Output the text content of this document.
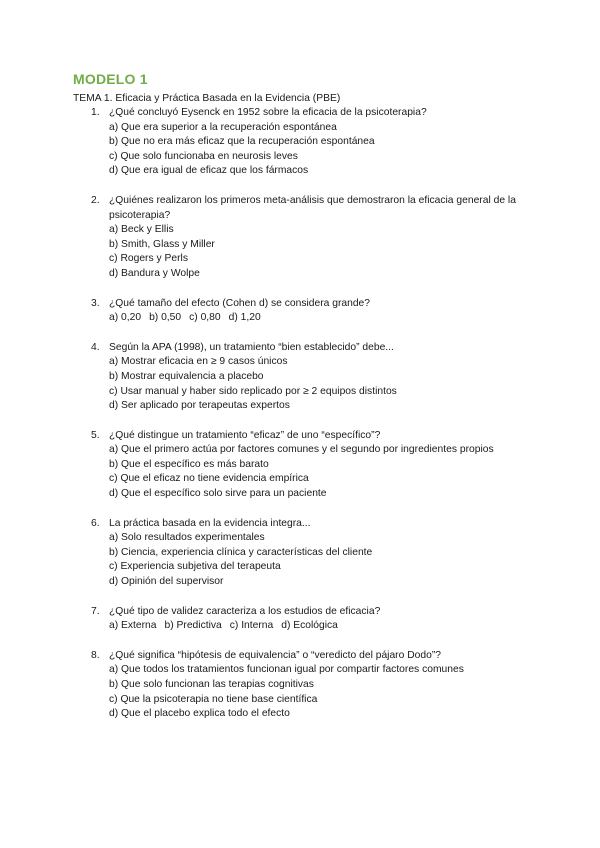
MODELO 1
TEMA 1. Eficacia y Práctica Basada en la Evidencia (PBE)
1. ¿Qué concluyó Eysenck en 1952 sobre la eficacia de la psicoterapia?
a) Que era superior a la recuperación espontánea
b) Que no era más eficaz que la recuperación espontánea
c) Que solo funcionaba en neurosis leves
d) Que era igual de eficaz que los fármacos
2. ¿Quiénes realizaron los primeros meta-análisis que demostraron la eficacia general de la psicoterapia?
a) Beck y Ellis
b) Smith, Glass y Miller
c) Rogers y Perls
d) Bandura y Wolpe
3. ¿Qué tamaño del efecto (Cohen d) se considera grande?
a) 0,20 b) 0,50 c) 0,80 d) 1,20
4. Según la APA (1998), un tratamiento “bien establecido” debe...
a) Mostrar eficacia en ≥ 9 casos únicos
b) Mostrar equivalencia a placebo
c) Usar manual y haber sido replicado por ≥ 2 equipos distintos
d) Ser aplicado por terapeutas expertos
5. ¿Qué distingue un tratamiento “eficaz” de uno “específico”?
a) Que el primero actúa por factores comunes y el segundo por ingredientes propios
b) Que el específico es más barato
c) Que el eficaz no tiene evidencia empírica
d) Que el específico solo sirve para un paciente
6. La práctica basada en la evidencia integra...
a) Solo resultados experimentales
b) Ciencia, experiencia clínica y características del cliente
c) Experiencia subjetiva del terapeuta
d) Opinión del supervisor
7. ¿Qué tipo de validez caracteriza a los estudios de eficacia?
a) Externa b) Predictiva c) Interna d) Ecológica
8. ¿Qué significa “hipótesis de equivalencia” o “veredicto del pájaro Dodo”?
a) Que todos los tratamientos funcionan igual por compartir factores comunes
b) Que solo funcionan las terapias cognitivas
c) Que la psicoterapia no tiene base científica
d) Que el placebo explica todo el efecto
